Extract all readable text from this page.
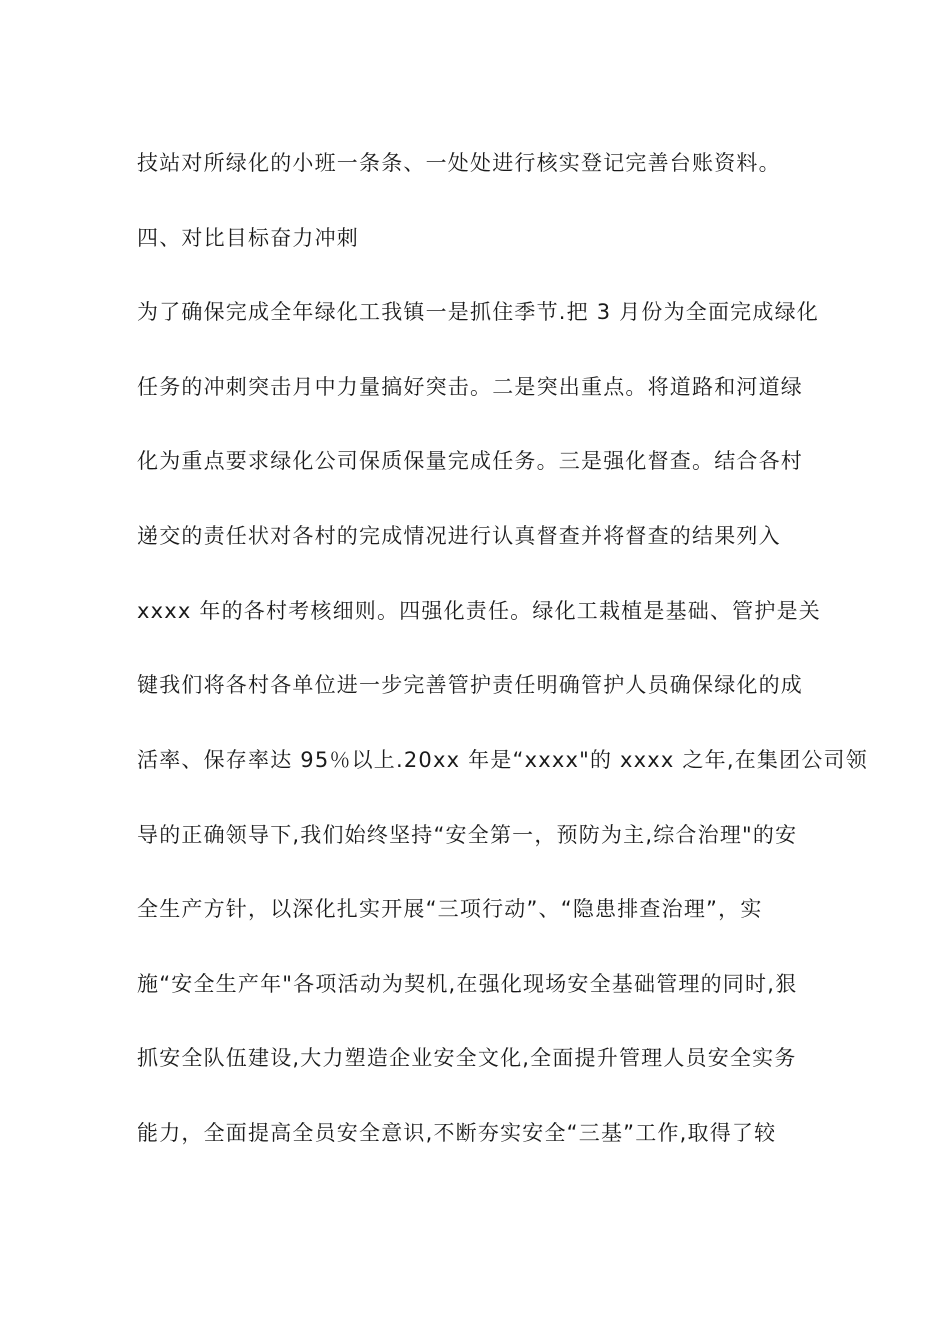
技站对所绿化的小班一条条、一处处进行核实登记完善台账资料。
四、对比目标奋力冲刺
为了确保完成全年绿化工我镇一是抓住季节.把 3 月份为全面完成绿化
任务的冲刺突击月中力量搞好突击。二是突出重点。将道路和河道绿
化为重点要求绿化公司保质保量完成任务。三是强化督查。结合各村
递交的责任状对各村的完成情况进行认真督查并将督查的结果列入
xxxx 年的各村考核细则。四强化责任。绿化工栽植是基础、管护是关
键我们将各村各单位进一步完善管护责任明确管护人员确保绿化的成
活率、保存率达 95％以上.20xx 年是“xxxx"的 xxxx 之年,在集团公司领
导的正确领导下,我们始终坚持“安全第一，预防为主,综合治理"的安
全生产方针，以深化扎实开展“三项行动”、“隐患排查治理”，实
施“安全生产年"各项活动为契机,在强化现场安全基础管理的同时,狠
抓安全队伍建设,大力塑造企业安全文化,全面提升管理人员安全实务
能力，全面提高全员安全意识,不断夯实安全“三基”工作,取得了较
